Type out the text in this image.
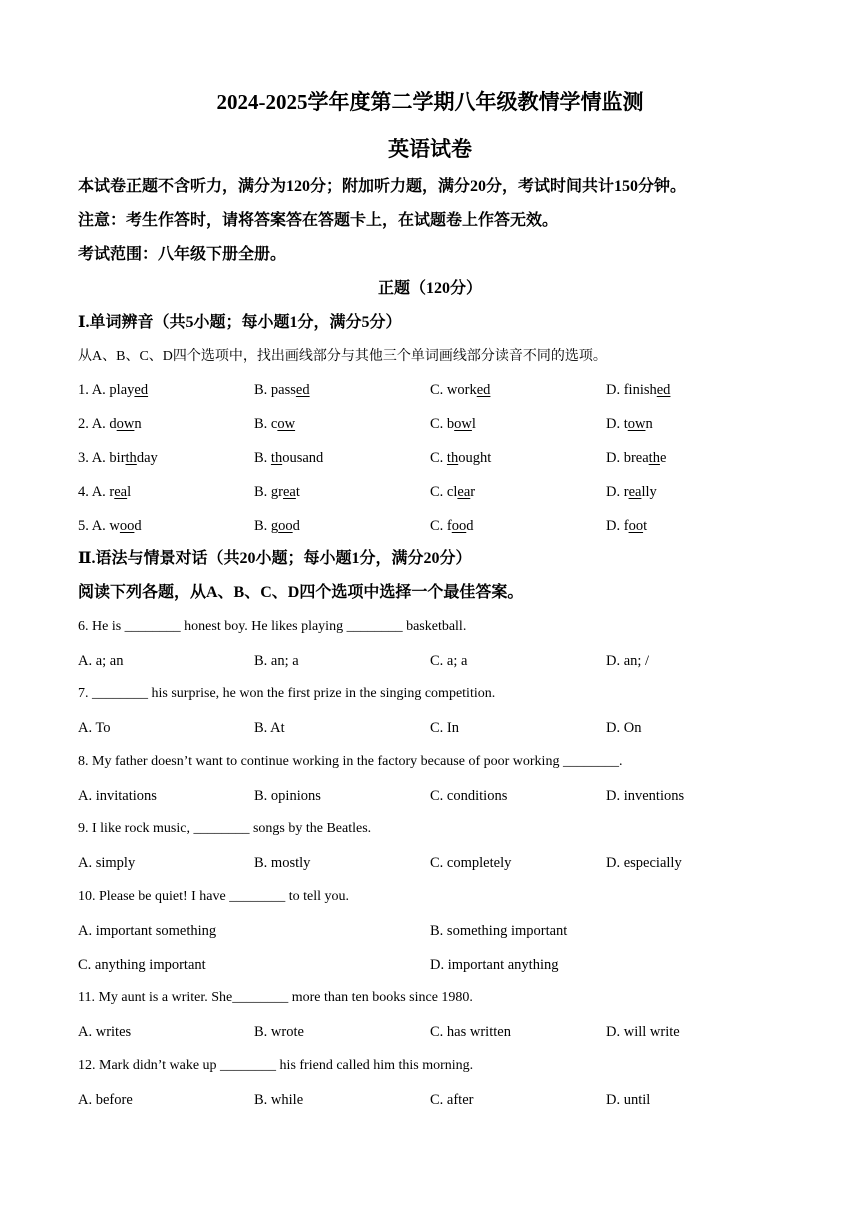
2024-2025学年度第二学期八年级教情学情监测
英语试卷
本试卷正题不含听力，满分为120分；附加听力题，满分20分，考试时间共计150分钟。
注意：考生作答时，请将答案答在答题卡上，在试题卷上作答无效。
考试范围：八年级下册全册。
正题（120分）
Ⅰ.单词辨音（共5小题；每小题1分，满分5分）
从A、B、C、D四个选项中，找出画线部分与其他三个单词画线部分读音不同的选项。
1. A. played	B. passed	C. worked	D. finished
2. A. down	B. cow	C. bowl	D. town
3. A. birthday	B. thousand	C. thought	D. breathe
4. A. real	B. great	C. clear	D. really
5. A. wood	B. good	C. food	D. foot
Ⅱ.语法与情景对话（共20小题；每小题1分，满分20分）
阅读下列各题，从A、B、C、D四个选项中选择一个最佳答案。
6. He is ________ honest boy. He likes playing ________ basketball.
A. a; an	B. an; a	C. a; a	D. an; /
7. ________ his surprise, he won the first prize in the singing competition.
A. To	B. At	C. In	D. On
8. My father doesn’t want to continue working in the factory because of poor working ________.
A. invitations	B. opinions	C. conditions	D. inventions
9. I like rock music, ________ songs by the Beatles.
A. simply	B. mostly	C. completely	D. especially
10. Please be quiet! I have ________ to tell you.
A. important something	B. something important
C. anything important	D. important anything
11. My aunt is a writer. She________ more than ten books since 1980.
A. writes	B. wrote	C. has written	D. will write
12. Mark didn’t wake up ________ his friend called him this morning.
A. before	B. while	C. after	D. until
